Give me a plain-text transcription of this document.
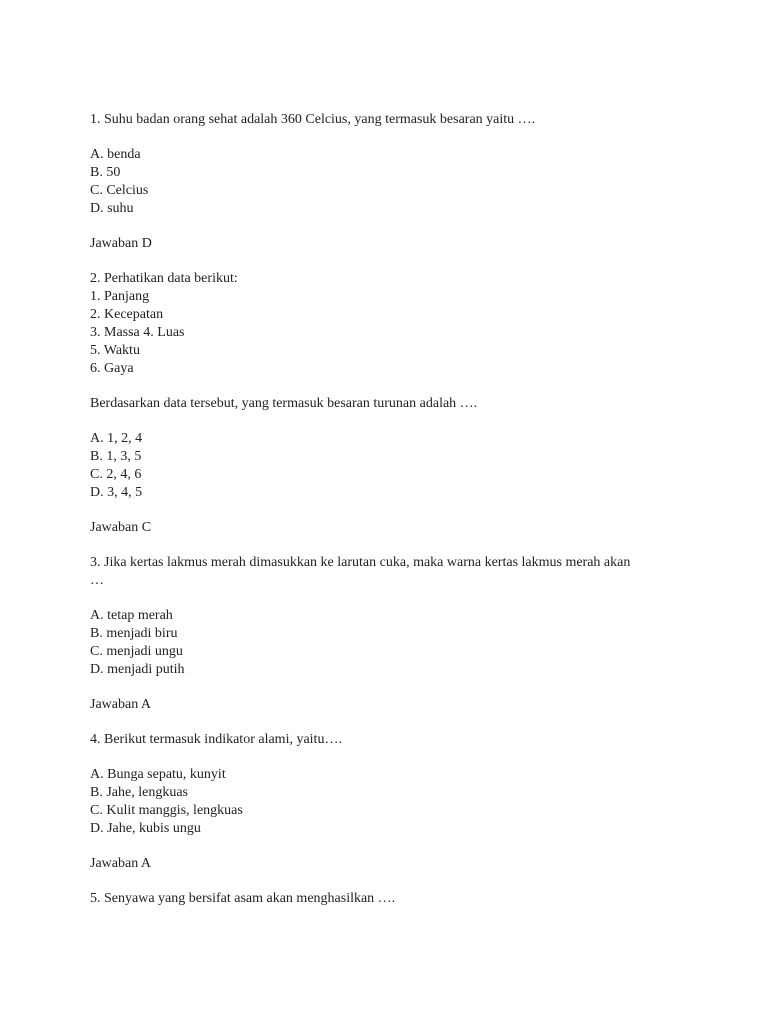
1. Suhu badan orang sehat adalah 360 Celcius, yang termasuk besaran yaitu ….
A. benda
B. 50
C. Celcius
D. suhu
Jawaban D
2. Perhatikan data berikut:
1. Panjang
2. Kecepatan
3. Massa 4. Luas
5. Waktu
6. Gaya
Berdasarkan data tersebut, yang termasuk besaran turunan adalah ….
A. 1, 2, 4
B. 1, 3, 5
C. 2, 4, 6
D. 3, 4, 5
Jawaban C
3. Jika kertas lakmus merah dimasukkan ke larutan cuka, maka warna kertas lakmus merah akan
…
A. tetap merah
B. menjadi biru
C. menjadi ungu
D. menjadi putih
Jawaban A
4. Berikut termasuk indikator alami, yaitu….
A. Bunga sepatu, kunyit
B. Jahe, lengkuas
C. Kulit manggis, lengkuas
D. Jahe, kubis ungu
Jawaban A
5. Senyawa yang bersifat asam akan menghasilkan ….
